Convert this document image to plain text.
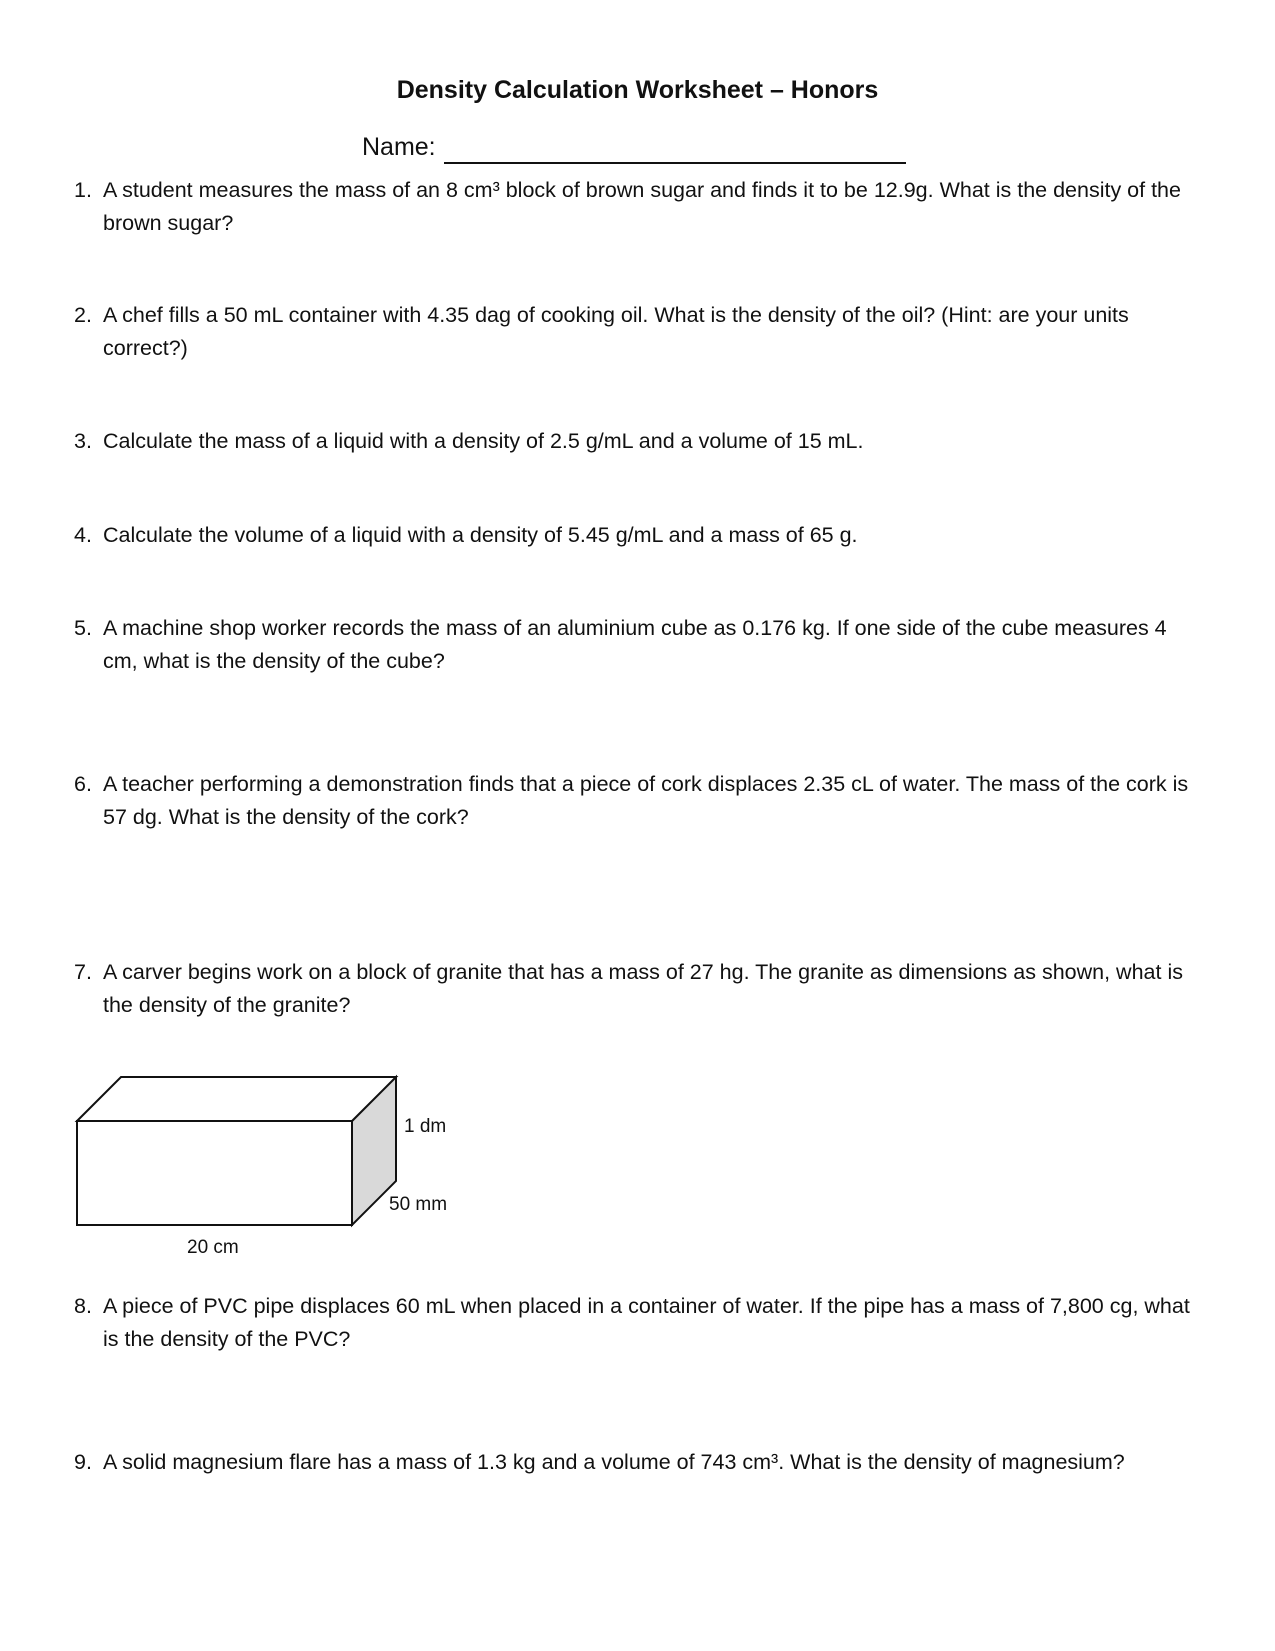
Density Calculation Worksheet – Honors
Name:
1. A student measures the mass of an 8 cm³ block of brown sugar and finds it to be 12.9g. What is the density of the brown sugar?
2. A chef fills a 50 mL container with 4.35 dag of cooking oil. What is the density of the oil? (Hint: are your units correct?)
3. Calculate the mass of a liquid with a density of 2.5 g/mL and a volume of 15 mL.
4. Calculate the volume of a liquid with a density of 5.45 g/mL and a mass of 65 g.
5. A machine shop worker records the mass of an aluminium cube as 0.176 kg. If one side of the cube measures 4 cm, what is the density of the cube?
6. A teacher performing a demonstration finds that a piece of cork displaces 2.35 cL of water. The mass of the cork is 57 dg. What is the density of the cork?
7. A carver begins work on a block of granite that has a mass of 27 hg. The granite as dimensions as shown, what is the density of the granite?
1 dm
50 mm
20 cm
8. A piece of PVC pipe displaces 60 mL when placed in a container of water. If the pipe has a mass of 7,800 cg, what is the density of the PVC?
9. A solid magnesium flare has a mass of 1.3 kg and a volume of 743 cm³. What is the density of magnesium?
